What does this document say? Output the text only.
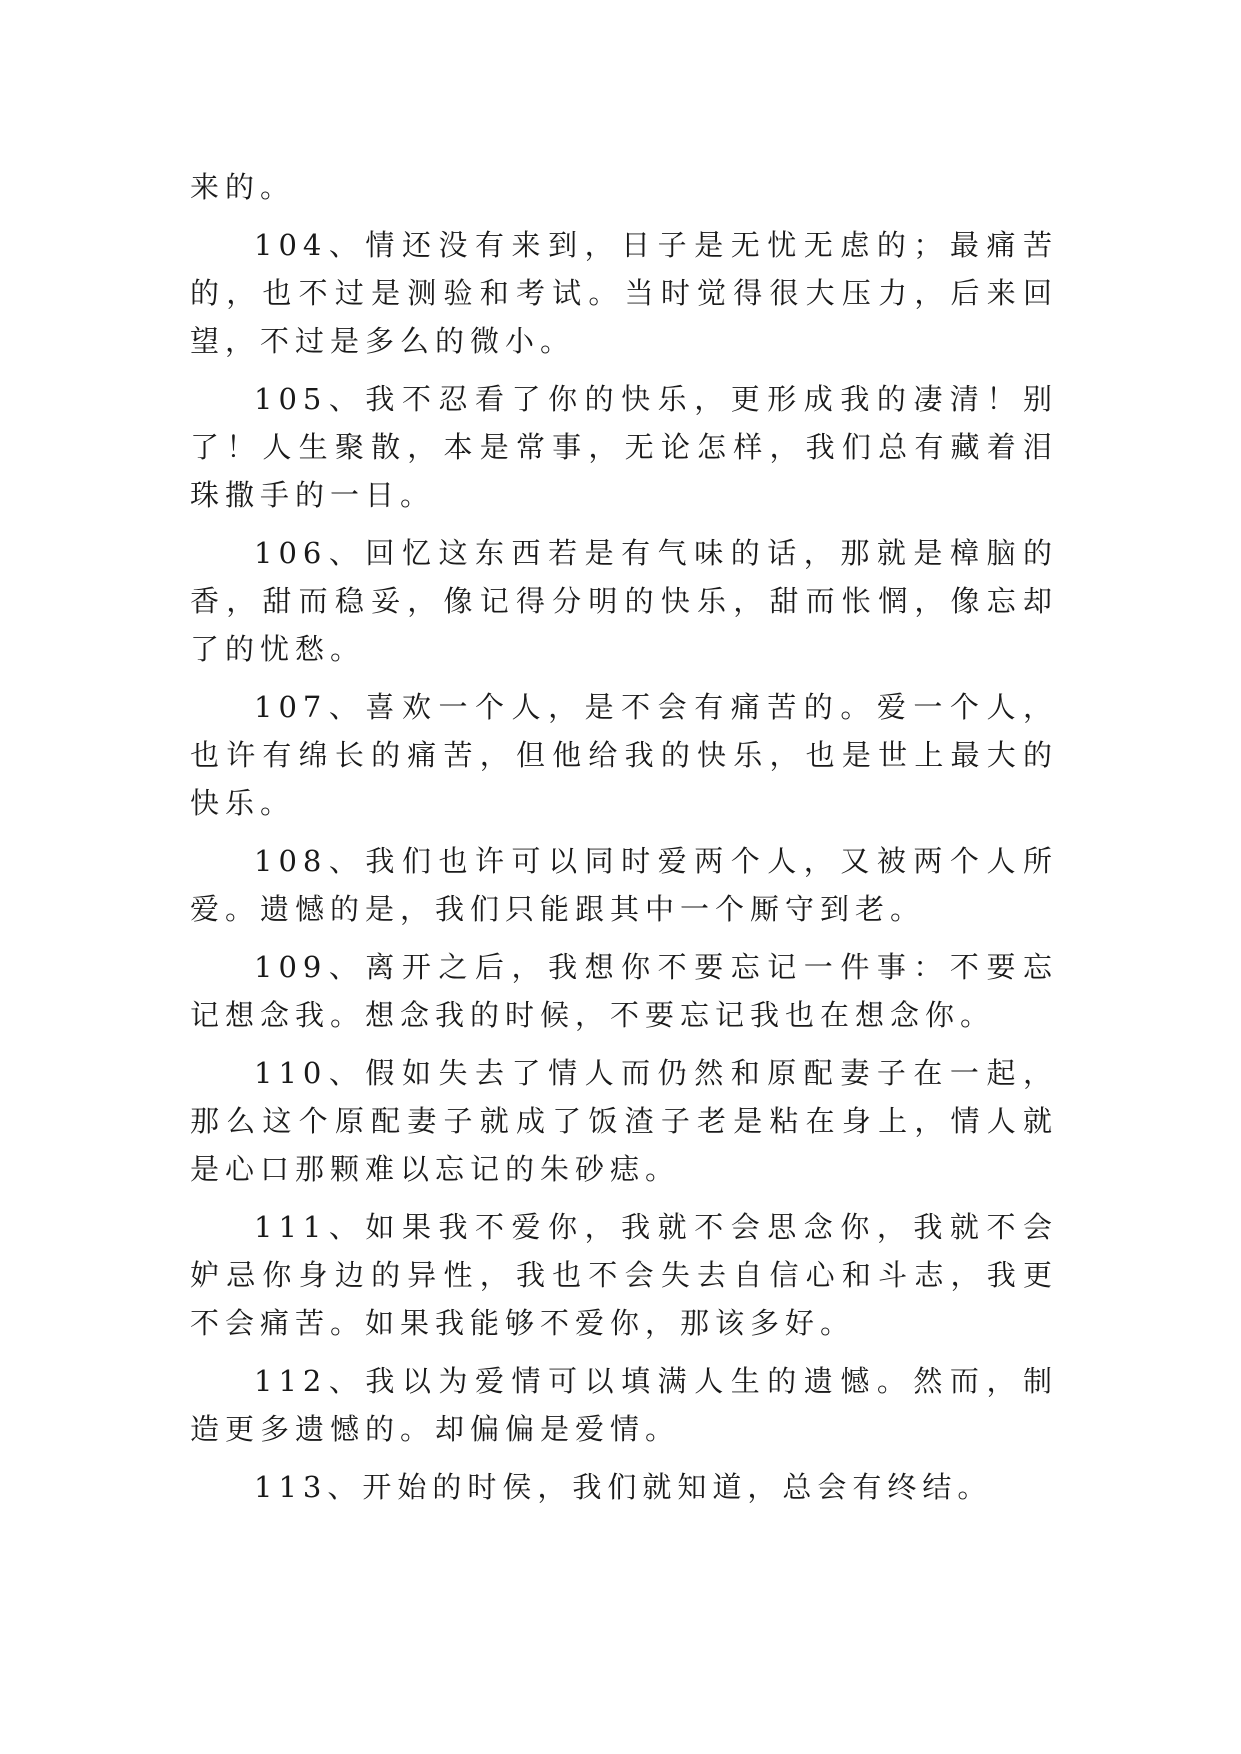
来的。

104、情还没有来到，日子是无忧无虑的；最痛苦的，也不过是测验和考试。当时觉得很大压力，后来回望，不过是多么的微小。

105、我不忍看了你的快乐，更形成我的凄清！别了！人生聚散，本是常事，无论怎样，我们总有藏着泪珠撒手的一日。

106、回忆这东西若是有气味的话，那就是樟脑的香，甜而稳妥，像记得分明的快乐，甜而怅惘，像忘却了的忧愁。

107、喜欢一个人，是不会有痛苦的。爱一个人，也许有绵长的痛苦，但他给我的快乐，也是世上最大的快乐。

108、我们也许可以同时爱两个人，又被两个人所爱。遗憾的是，我们只能跟其中一个厮守到老。

109、离开之后，我想你不要忘记一件事：不要忘记想念我。想念我的时候，不要忘记我也在想念你。

110、假如失去了情人而仍然和原配妻子在一起，那么这个原配妻子就成了饭渣子老是粘在身上，情人就是心口那颗难以忘记的朱砂痣。

111、如果我不爱你，我就不会思念你，我就不会妒忌你身边的异性，我也不会失去自信心和斗志，我更不会痛苦。如果我能够不爱你，那该多好。

112、我以为爱情可以填满人生的遗憾。然而，制造更多遗憾的。却偏偏是爱情。

113、开始的时侯，我们就知道，总会有终结。
